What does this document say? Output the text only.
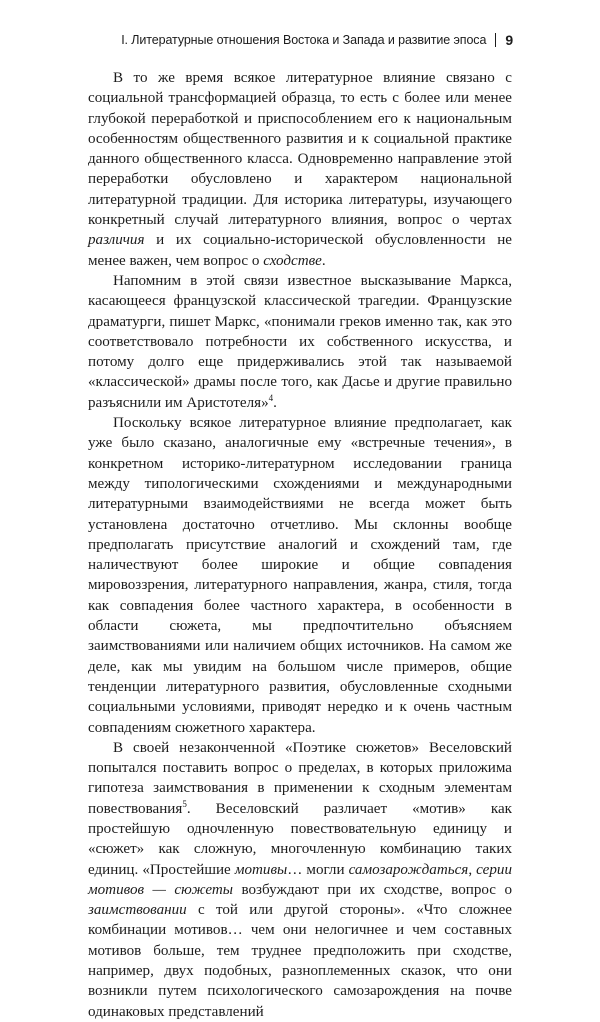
I. Литературные отношения Востока и Запада и развитие эпоса 9

В то же время всякое литературное влияние связано с социальной трансформацией образца, то есть с более или менее глубокой переработкой и приспособлением его к национальным особенностям общественного развития и к социальной практике данного общественного класса. Одновременно направление этой переработки обусловлено и характером национальной литературной традиции. Для историка литературы, изучающего конкретный случай литературного влияния, вопрос о чертах различия и их социально-исторической обусловленности не менее важен, чем вопрос о сходстве.

Напомним в этой связи известное высказывание Маркса, касающееся французской классической трагедии. Французские драматурги, пишет Маркс, «понимали греков именно так, как это соответствовало потребности их собственного искусства, и потому долго еще придерживались этой так называемой «классической» драмы после того, как Дасье и другие правильно разъяснили им Аристотеля»$^4$.

Поскольку всякое литературное влияние предполагает, как уже было сказано, аналогичные ему «встречные течения», в конкретном историко-литературном исследовании граница между типологическими схождениями и международными литературными взаимодействиями не всегда может быть установлена достаточно отчетливо. Мы склонны вообще предполагать присутствие аналогий и схождений там, где наличествуют более широкие и общие совпадения мировоззрения, литературного направления, жанра, стиля, тогда как совпадения более частного характера, в особенности в области сюжета, мы предпочтительно объясняем заимствованиями или наличием общих источников. На самом же деле, как мы увидим на большом числе примеров, общие тенденции литературного развития, обусловленные сходными социальными условиями, приводят нередко и к очень частным совпадениям сюжетного характера.

В своей незаконченной «Поэтике сюжетов» Веселовский попытался поставить вопрос о пределах, в которых приложима гипотеза заимствования в применении к сходным элементам повествования$^5$. Веселовский различает «мотив» как простейшую одночленную повествовательную единицу и «сюжет» как сложную, многочленную комбинацию таких единиц. «Простейшие мотивы… могли самозарождаться, серии мотивов — сюжеты возбуждают при их сходстве, вопрос о заимствовании с той или другой стороны». «Что сложнее комбинации мотивов… чем они нелогичнее и чем составных мотивов больше, тем труднее предположить при сходстве, например, двух подобных, разноплеменных сказок, что они возникли путем психологического самозарождения на почве одинаковых представлений
